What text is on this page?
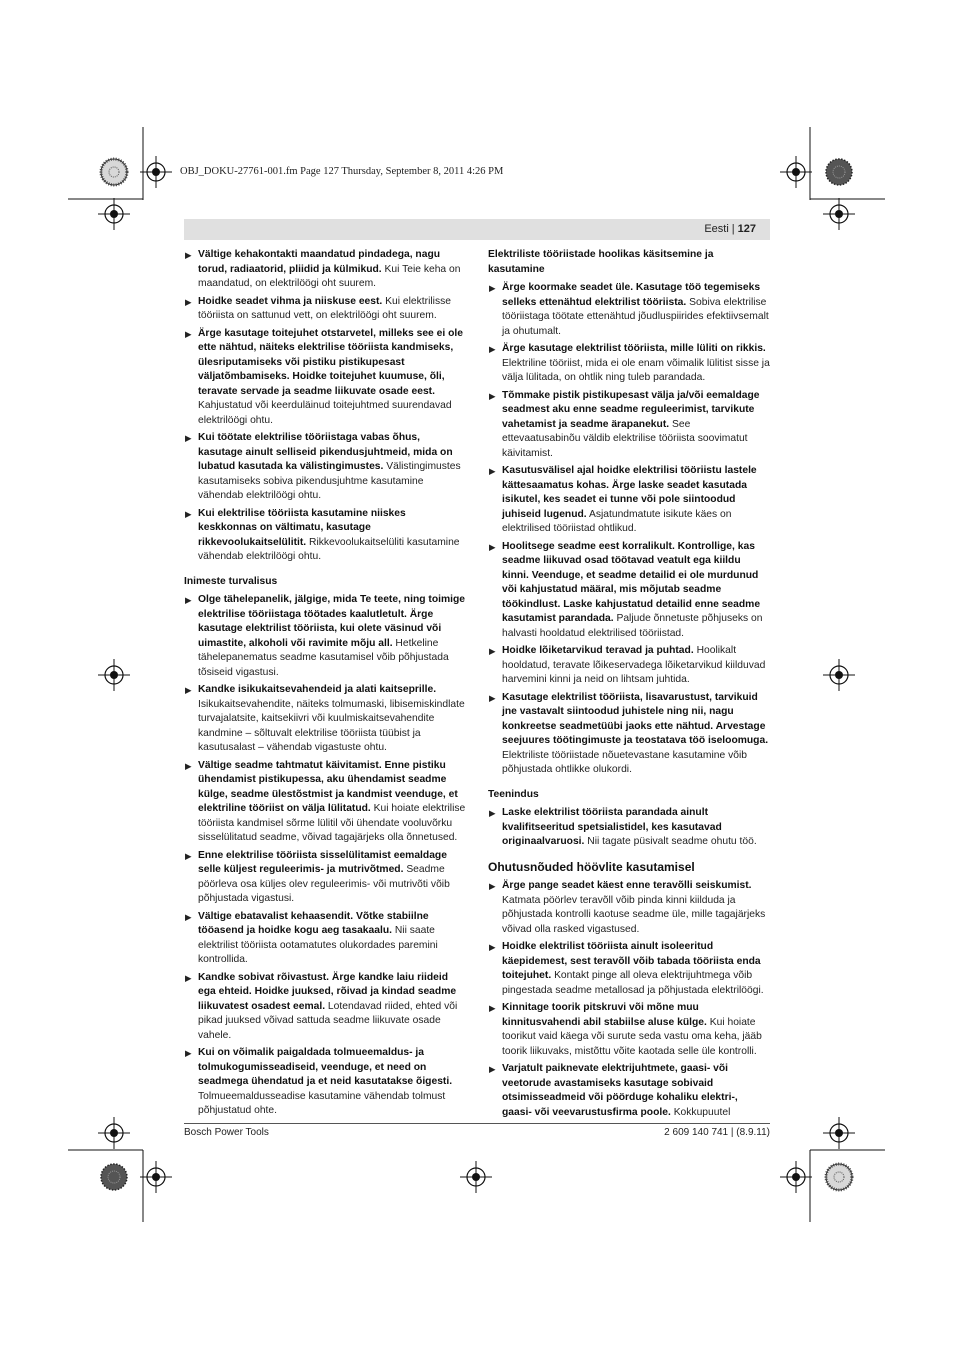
OBJ_DOKU-27761-001.fm Page 127 Thursday, September 8, 2011 4:26 PM
Eesti | 127
▶ Vältige kehakontakti maandatud pindadega, nagu torud, radiaatorid, pliidid ja külmikud. Kui Teie keha on maandatud, on elektrilöögi oht suurem.
▶ Hoidke seadet vihma ja niiskuse eest. Kui elektrilisse tööriista on sattunud vett, on elektrilöögi oht suurem.
▶ Ärge kasutage toitejuhet otstarvetel, milleks see ei ole ette nähtud, näiteks elektrilise tööriista kandmiseks, ülesriputamiseks või pistiku pistikupesast väljatõmbamiseks. Hoidke toitejuhet kuumuse, õli, teravate servade ja seadme liikuvate osade eest. Kahjustatud või keerduläinud toitejuhtmed suurendavad elektrilöögi ohtu.
▶ Kui töötate elektrilise tööriistaga vabas õhus, kasutage ainult selliseid pikendusjuhtmeid, mida on lubatud kasutada ka välistingimustes. Välistingimustes kasutamiseks sobiva pikendusjuhtme kasutamine vähendab elektrilöögi ohtu.
▶ Kui elektrilise tööriista kasutamine niiskes keskkonnas on vältimatu, kasutage rikkevoolukaitselülitit. Rikkevoolukaitselüliti kasutamine vähendab elektrilöögi ohtu.
Inimeste turvalisus
▶ Olge tähelepanelik, jälgige, mida Te teete, ning toimige elektrilise tööriistaga töötades kaalutletult. Ärge kasutage elektrilist tööriista, kui olete väsinud või uimastite, alkoholi või ravimite mõju all. Hetkeline tähelepanematus seadme kasutamisel võib põhjustada tõsiseid vigastusi.
▶ Kandke isikukaitsevahendeid ja alati kaitseprille. Isikukaitsevahendite, näiteks tolmumaski, libisemiskindlate turvajalatsite, kaitsekiivri või kuulmiskaitsevahendite kandmine – sõltuvalt elektrilise tööriista tüübist ja kasutusalast – vähendab vigastuste ohtu.
▶ Vältige seadme tahtmatut käivitamist. Enne pistiku ühendamist pistikupessa, aku ühendamist seadme külge, seadme ülestõstmist ja kandmist veenduge, et elektriline tööriist on välja lülitatud. Kui hoiate elektrilise tööriista kandmisel sõrme lülitil või ühendate vooluvõrku sisselülitatud seadme, võivad tagajärjeks olla õnnetused.
▶ Enne elektrilise tööriista sisselülitamist eemaldage selle küljest reguleerimis- ja mutrivõtmed. Seadme pöörleva osa küljes olev reguleerimis- või mutrivõti võib põhjustada vigastusi.
▶ Vältige ebatavalist kehaasendit. Võtke stabiilne tööasend ja hoidke kogu aeg tasakaalu. Nii saate elektrilist tööriista ootamatutes olukordades paremini kontrollida.
▶ Kandke sobivat rõivastust. Ärge kandke laiu riideid ega ehteid. Hoidke juuksed, rõivad ja kindad seadme liikuvatest osadest eemal. Lotendavad riided, ehted või pikad juuksed võivad sattuda seadme liikuvate osade vahele.
▶ Kui on võimalik paigaldada tolmueemaldus- ja tolmukogumisseadiseid, veenduge, et need on seadmega ühendatud ja et neid kasutatakse õigesti. Tolmueemaldusseadise kasutamine vähendab tolmust põhjustatud ohte.
Elektriliste tööriistade hoolikas käsitsemine ja kasutamine
▶ Ärge koormake seadet üle. Kasutage töö tegemiseks selleks ettenähtud elektrilist tööriista. Sobiva elektrilise tööriistaga töötate ettenähtud jõudluspiirides efektiivsemalt ja ohutumalt.
▶ Ärge kasutage elektrilist tööriista, mille lüliti on rikkis. Elektriline tööriist, mida ei ole enam võimalik lülitist sisse ja välja lülitada, on ohtlik ning tuleb parandada.
▶ Tõmmake pistik pistikupesast välja ja/või eemaldage seadmest aku enne seadme reguleerimist, tarvikute vahetamist ja seadme ärapanekut. See ettevaatusabinõu väldib elektrilise tööriista soovimatut käivitamist.
▶ Kasutusvälisel ajal hoidke elektrilisi tööriistu lastele kättesaamatus kohas. Ärge laske seadet kasutada isikutel, kes seadet ei tunne või pole siintoodud juhiseid lugenud. Asjatundmatute isikute käes on elektrilised tööriistad ohtlikud.
▶ Hoolitsege seadme eest korralikult. Kontrollige, kas seadme liikuvad osad töötavad veatult ega kiildu kinni. Veenduge, et seadme detailid ei ole murdunud või kahjustatud määral, mis mõjutab seadme töökindlust. Laske kahjustatud detailid enne seadme kasutamist parandada. Paljude õnnetuste põhjuseks on halvasti hooldatud elektrilised tööriistad.
▶ Hoidke lõiketarvikud teravad ja puhtad. Hoolikalt hooldatud, teravate lõikeservadega lõiketarvikud kiilduvad harvemini kinni ja neid on lihtsam juhtida.
▶ Kasutage elektrilist tööriista, lisavarustust, tarvikuid jne vastavalt siintoodud juhistele ning nii, nagu konkreetse seadmetüübi jaoks ette nähtud. Arvestage seejuures töötingimuste ja teostatava töö iseloomuga. Elektriliste tööriistade nõuetevastane kasutamine võib põhjustada ohtlikke olukordi.
Teenindus
▶ Laske elektrilist tööriista parandada ainult kvalifitseeritud spetsialistidel, kes kasutavad originaalvaruosi. Nii tagate püsivalt seadme ohutu töö.
Ohutusnõuded höövlite kasutamisel
▶ Ärge pange seadet käest enne teravõlli seiskumist. Katmata pöörlev teravõll võib pinda kinni kiilduda ja põhjustada kontrolli kaotuse seadme üle, mille tagajärjeks võivad olla rasked vigastused.
▶ Hoidke elektrilist tööriista ainult isoleeritud käepidemest, sest teravõll võib tabada tööriista enda toitejuhet. Kontakt pinge all oleva elektrijuhtmega võib pingestada seadme metallosad ja põhjustada elektrilöögi.
▶ Kinnitage toorik pitskruvi või mõne muu kinnitusvahendi abil stabiilse aluse külge. Kui hoiate toorikut vaid käega või surute seda vastu oma keha, jääb toorik liikuvaks, mistõttu võite kaotada selle üle kontrolli.
▶ Varjatult paiknevate elektrijuhtmete, gaasi- või veetorude avastamiseks kasutage sobivaid otsimisseadmeid või pöörduge kohaliku elektri-, gaasi- või veevarustusfirma poole. Kokkupuutel
Bosch Power Tools	2 609 140 741 | (8.9.11)
